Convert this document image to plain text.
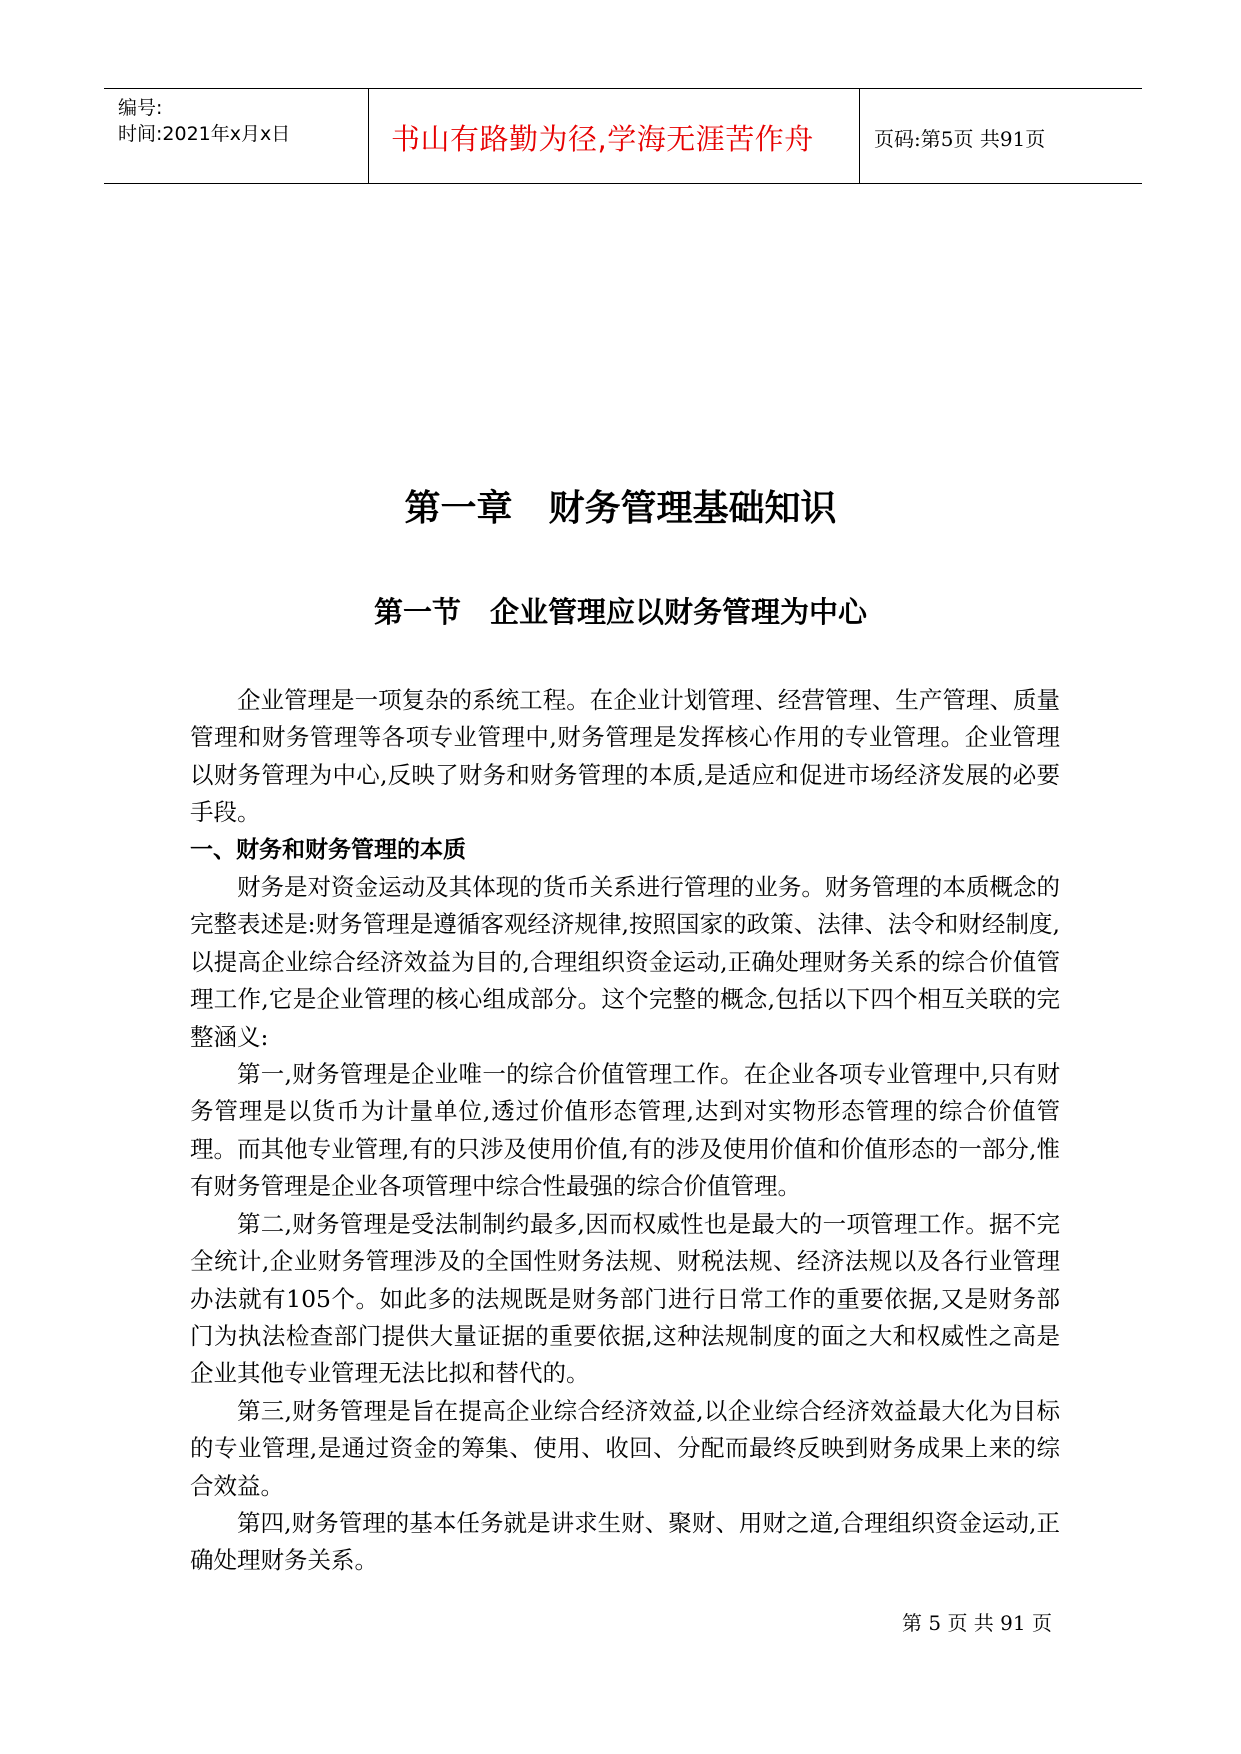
编号:
时间:2021年x月x日	书山有路勤为径,学海无涯苦作舟	页码:第5页 共91页
第一章　财务管理基础知识
第一节　企业管理应以财务管理为中心

企业管理是一项复杂的系统工程。在企业计划管理、经营管理、生产管理、质量管理和财务管理等各项专业管理中,财务管理是发挥核心作用的专业管理。企业管理以财务管理为中心,反映了财务和财务管理的本质,是适应和促进市场经济发展的必要手段。

一、财务和财务管理的本质

财务是对资金运动及其体现的货币关系进行管理的业务。财务管理的本质概念的完整表述是:财务管理是遵循客观经济规律,按照国家的政策、法律、法令和财经制度,以提高企业综合经济效益为目的,合理组织资金运动,正确处理财务关系的综合价值管理工作,它是企业管理的核心组成部分。这个完整的概念,包括以下四个相互关联的完整涵义:

第一,财务管理是企业唯一的综合价值管理工作。在企业各项专业管理中,只有财务管理是以货币为计量单位,透过价值形态管理,达到对实物形态管理的综合价值管理。而其他专业管理,有的只涉及使用价值,有的涉及使用价值和价值形态的一部分,惟有财务管理是企业各项管理中综合性最强的综合价值管理。

第二,财务管理是受法制制约最多,因而权威性也是最大的一项管理工作。据不完全统计,企业财务管理涉及的全国性财务法规、财税法规、经济法规以及各行业管理办法就有105个。如此多的法规既是财务部门进行日常工作的重要依据,又是财务部门为执法检查部门提供大量证据的重要依据,这种法规制度的面之大和权威性之高是企业其他专业管理无法比拟和替代的。

第三,财务管理是旨在提高企业综合经济效益,以企业综合经济效益最大化为目标的专业管理,是通过资金的筹集、使用、收回、分配而最终反映到财务成果上来的综合效益。

第四,财务管理的基本任务就是讲求生财、聚财、用财之道,合理组织资金运动,正确处理财务关系。

第 5 页 共 91 页
